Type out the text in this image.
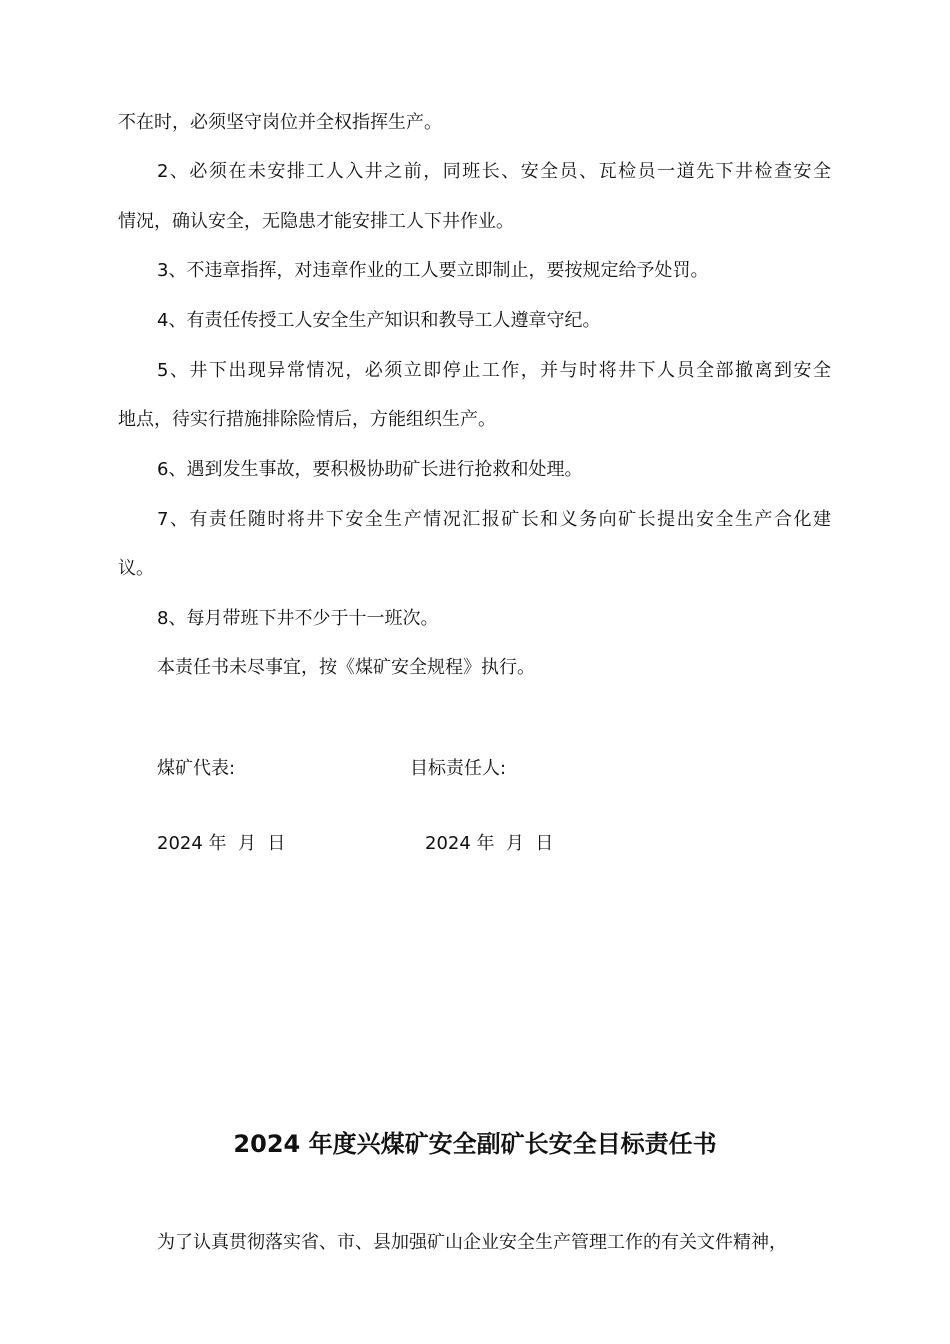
不在时，必须坚守岗位并全权指挥生产。
2、必须在未安排工人入井之前，同班长、安全员、瓦检员一道先下井检查安全
情况，确认安全，无隐患才能安排工人下井作业。
3、不违章指挥，对违章作业的工人要立即制止，要按规定给予处罚。
4、有责任传授工人安全生产知识和教导工人遵章守纪。
5、井下出现异常情况，必须立即停止工作，并与时将井下人员全部撤离到安全
地点，待实行措施排除险情后，方能组织生产。
6、遇到发生事故，要积极协助矿长进行抢救和处理。
7、有责任随时将井下安全生产情况汇报矿长和义务向矿长提出安全生产合化建
议。
8、每月带班下井不少于十一班次。
本责任书未尽事宜，按《煤矿安全规程》执行。
煤矿代表:	目标责任人:
2024 年  月  日	2024 年  月  日
2024 年度兴煤矿安全副矿长安全目标责任书
为了认真贯彻落实省、市、县加强矿山企业安全生产管理工作的有关文件精神，
